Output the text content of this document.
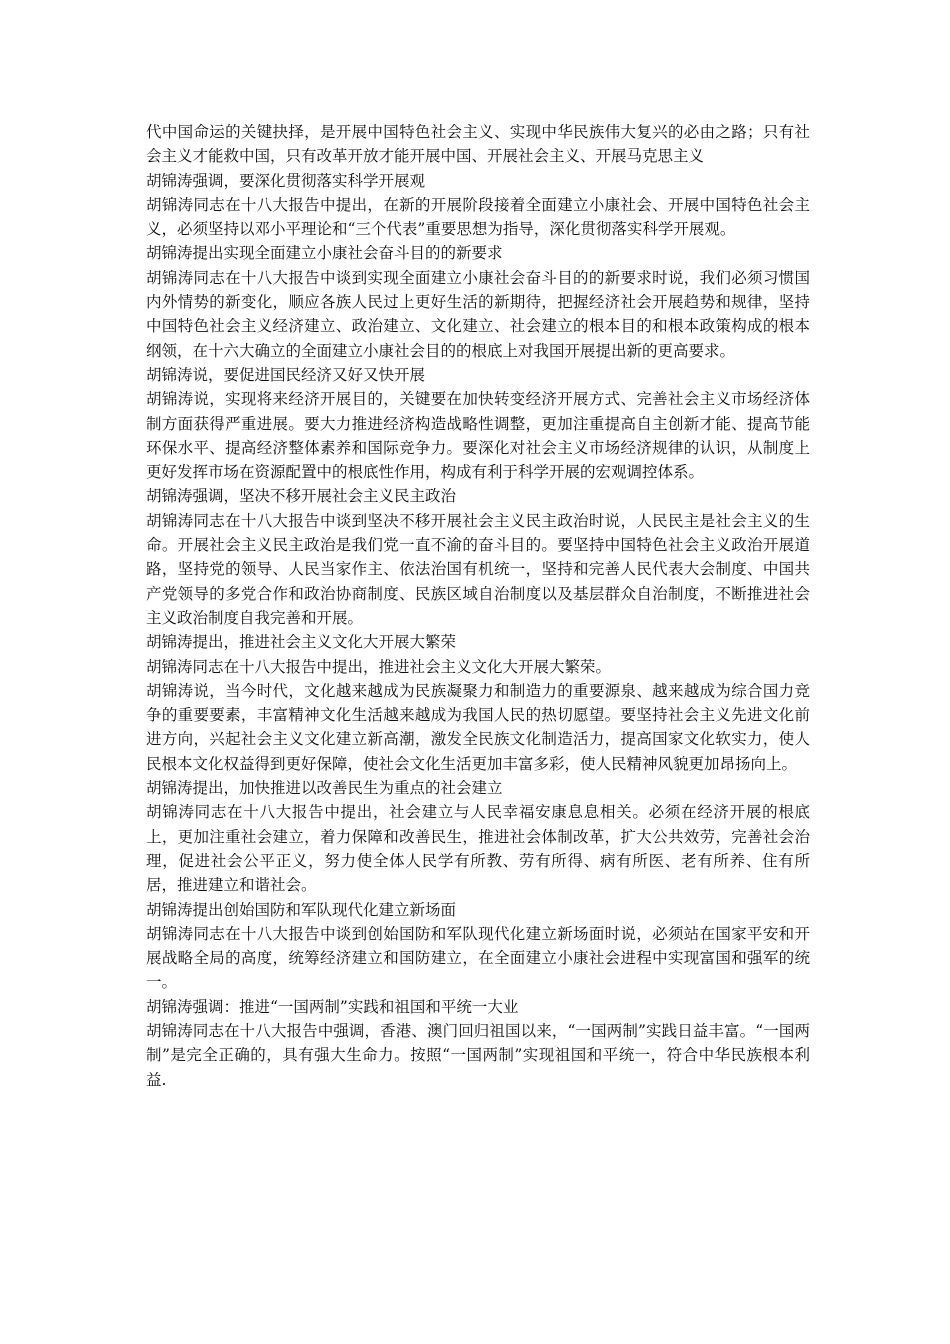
代中国命运的关键抉择，是开展中国特色社会主义、实现中华民族伟大复兴的必由之路；只有社会主义才能救中国，只有改革开放才能开展中国、开展社会主义、开展马克思主义

胡锦涛强调，要深化贯彻落实科学开展观

胡锦涛同志在十八大报告中提出，在新的开展阶段接着全面建立小康社会、开展中国特色社会主义，必须坚持以邓小平理论和“三个代表”重要思想为指导，深化贯彻落实科学开展观。

胡锦涛提出实现全面建立小康社会奋斗目的的新要求

胡锦涛同志在十八大报告中谈到实现全面建立小康社会奋斗目的的新要求时说，我们必须习惯国内外情势的新变化，顺应各族人民过上更好生活的新期待，把握经济社会开展趋势和规律，坚持中国特色社会主义经济建立、政治建立、文化建立、社会建立的根本目的和根本政策构成的根本纲领，在十六大确立的全面建立小康社会目的的根底上对我国开展提出新的更高要求。

胡锦涛说，要促进国民经济又好又快开展

胡锦涛说，实现将来经济开展目的，关键要在加快转变经济开展方式、完善社会主义市场经济体制方面获得严重进展。要大力推进经济构造战略性调整，更加注重提高自主创新才能、提高节能环保水平、提高经济整体素养和国际竞争力。要深化对社会主义市场经济规律的认识，从制度上更好发挥市场在资源配置中的根底性作用，构成有利于科学开展的宏观调控体系。

胡锦涛强调，坚决不移开展社会主义民主政治

胡锦涛同志在十八大报告中谈到坚决不移开展社会主义民主政治时说，人民民主是社会主义的生命。开展社会主义民主政治是我们党一直不渝的奋斗目的。要坚持中国特色社会主义政治开展道路，坚持党的领导、人民当家作主、依法治国有机统一，坚持和完善人民代表大会制度、中国共产党领导的多党合作和政治协商制度、民族区域自治制度以及基层群众自治制度，不断推进社会主义政治制度自我完善和开展。

胡锦涛提出，推进社会主义文化大开展大繁荣

胡锦涛同志在十八大报告中提出，推进社会主义文化大开展大繁荣。

胡锦涛说，当今时代，文化越来越成为民族凝聚力和制造力的重要源泉、越来越成为综合国力竞争的重要要素，丰富精神文化生活越来越成为我国人民的热切愿望。要坚持社会主义先进文化前进方向，兴起社会主义文化建立新高潮，激发全民族文化制造活力，提高国家文化软实力，使人民根本文化权益得到更好保障，使社会文化生活更加丰富多彩，使人民精神风貌更加昂扬向上。

胡锦涛提出，加快推进以改善民生为重点的社会建立

胡锦涛同志在十八大报告中提出，社会建立与人民幸福安康息息相关。必须在经济开展的根底上，更加注重社会建立，着力保障和改善民生，推进社会体制改革，扩大公共效劳，完善社会治理，促进社会公平正义，努力使全体人民学有所教、劳有所得、病有所医、老有所养、住有所居，推进建立和谐社会。

胡锦涛提出创始国防和军队现代化建立新场面

胡锦涛同志在十八大报告中谈到创始国防和军队现代化建立新场面时说，必须站在国家平安和开展战略全局的高度，统筹经济建立和国防建立，在全面建立小康社会进程中实现富国和强军的统一。

胡锦涛强调：推进“一国两制”实践和祖国和平统一大业

胡锦涛同志在十八大报告中强调，香港、澳门回归祖国以来，“一国两制”实践日益丰富。“一国两制”是完全正确的，具有强大生命力。按照“一国两制”实现祖国和平统一，符合中华民族根本利益.
